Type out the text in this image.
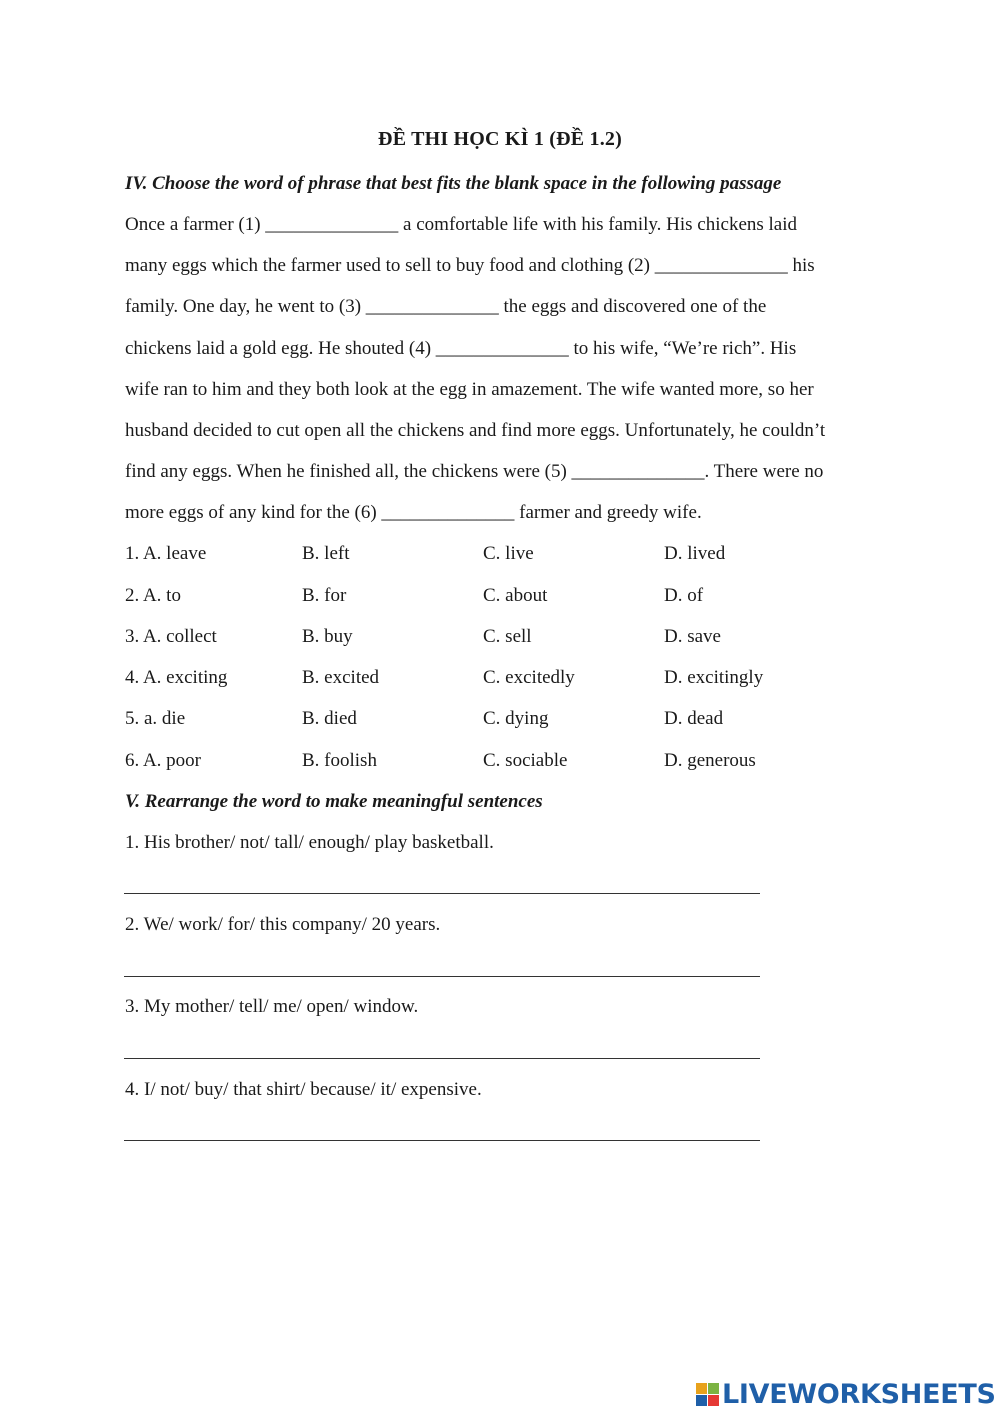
ĐỀ THI HỌC KÌ 1 (ĐỀ 1.2)
IV. Choose the word of phrase that best fits the blank space in the following passage
Once a farmer (1) ______________ a comfortable life with his family. His chickens laid
many eggs which the farmer used to sell to buy food and clothing (2) ______________ his
family. One day, he went to (3) ______________ the eggs and discovered one of the
chickens laid a gold egg. He shouted (4) ______________ to his wife, “We’re rich”. His
wife ran to him and they both look at the egg in amazement. The wife wanted more, so her
husband decided to cut open all the chickens and find more eggs. Unfortunately, he couldn’t
find any eggs. When he finished all, the chickens were (5) ______________. There were no
more eggs of any kind for the (6) ______________ farmer and greedy wife.
1. A. leave	B. left	C. live	D. lived
2. A. to	B. for	C. about	D. of
3. A. collect	B. buy	C. sell	D. save
4. A. exciting	B. excited	C. excitedly	D. excitingly
5. a. die	B. died	C. dying	D. dead
6. A. poor	B. foolish	C. sociable	D. generous
V. Rearrange the word to make meaningful sentences
1. His brother/ not/ tall/ enough/ play basketball.
2. We/ work/ for/ this company/ 20 years.
3. My mother/ tell/ me/ open/ window.
4. I/ not/ buy/ that shirt/ because/ it/ expensive.
LIVEWORKSHEETS
